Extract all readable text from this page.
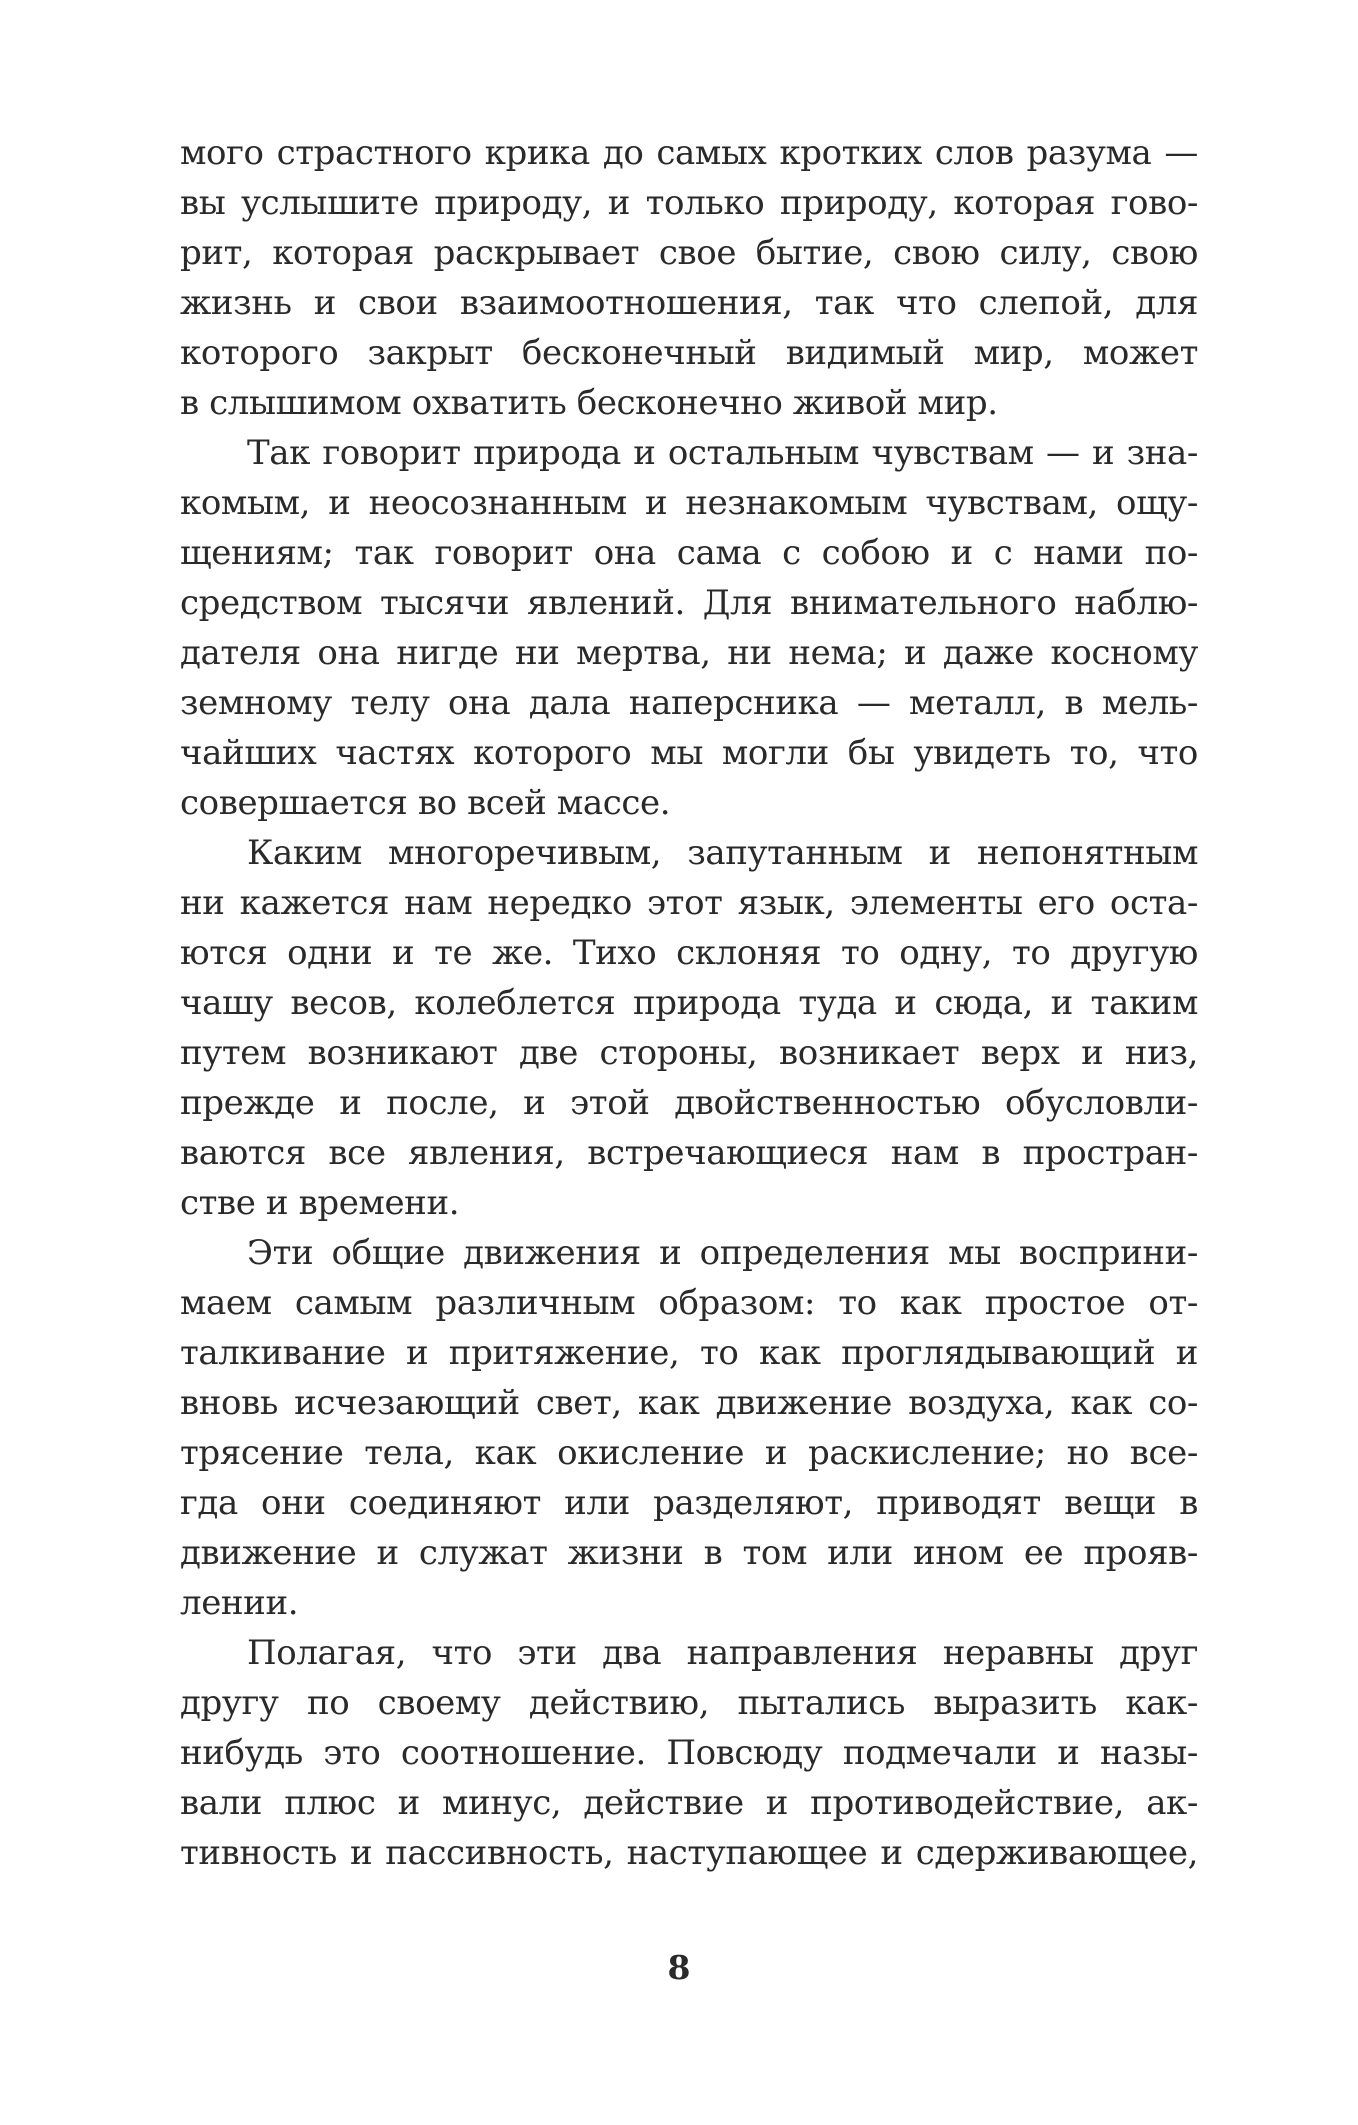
мого страстного крика до самых кротких слов разума —
вы услышите природу, и только природу, которая гово-
рит, которая раскрывает свое бытие, свою силу, свою
жизнь и свои взаимоотношения, так что слепой, для
которого закрыт бесконечный видимый мир, может
в слышимом охватить бесконечно живой мир.
Так говорит природа и остальным чувствам — и зна-
комым, и неосознанным и незнакомым чувствам, ощу-
щениям; так говорит она сама с собою и с нами по-
средством тысячи явлений. Для внимательного наблю-
дателя она нигде ни мертва, ни нема; и даже косному
земному телу она дала наперсника — металл, в мель-
чайших частях которого мы могли бы увидеть то, что
совершается во всей массе.
Каким многоречивым, запутанным и непонятным
ни кажется нам нередко этот язык, элементы его оста-
ются одни и те же. Тихо склоняя то одну, то другую
чашу весов, колеблется природа туда и сюда, и таким
путем возникают две стороны, возникает верх и низ,
прежде и после, и этой двойственностью обусловли-
ваются все явления, встречающиеся нам в простран-
стве и времени.
Эти общие движения и определения мы восприни-
маем самым различным образом: то как простое от-
талкивание и притяжение, то как проглядывающий и
вновь исчезающий свет, как движение воздуха, как со-
трясение тела, как окисление и раскисление; но все-
гда они соединяют или разделяют, приводят вещи в
движение и служат жизни в том или ином ее прояв-
лении.
Полагая, что эти два направления неравны друг
другу по своему действию, пытались выразить как-
нибудь это соотношение. Повсюду подмечали и назы-
вали плюс и минус, действие и противодействие, ак-
тивность и пассивность, наступающее и сдерживающее,
8
